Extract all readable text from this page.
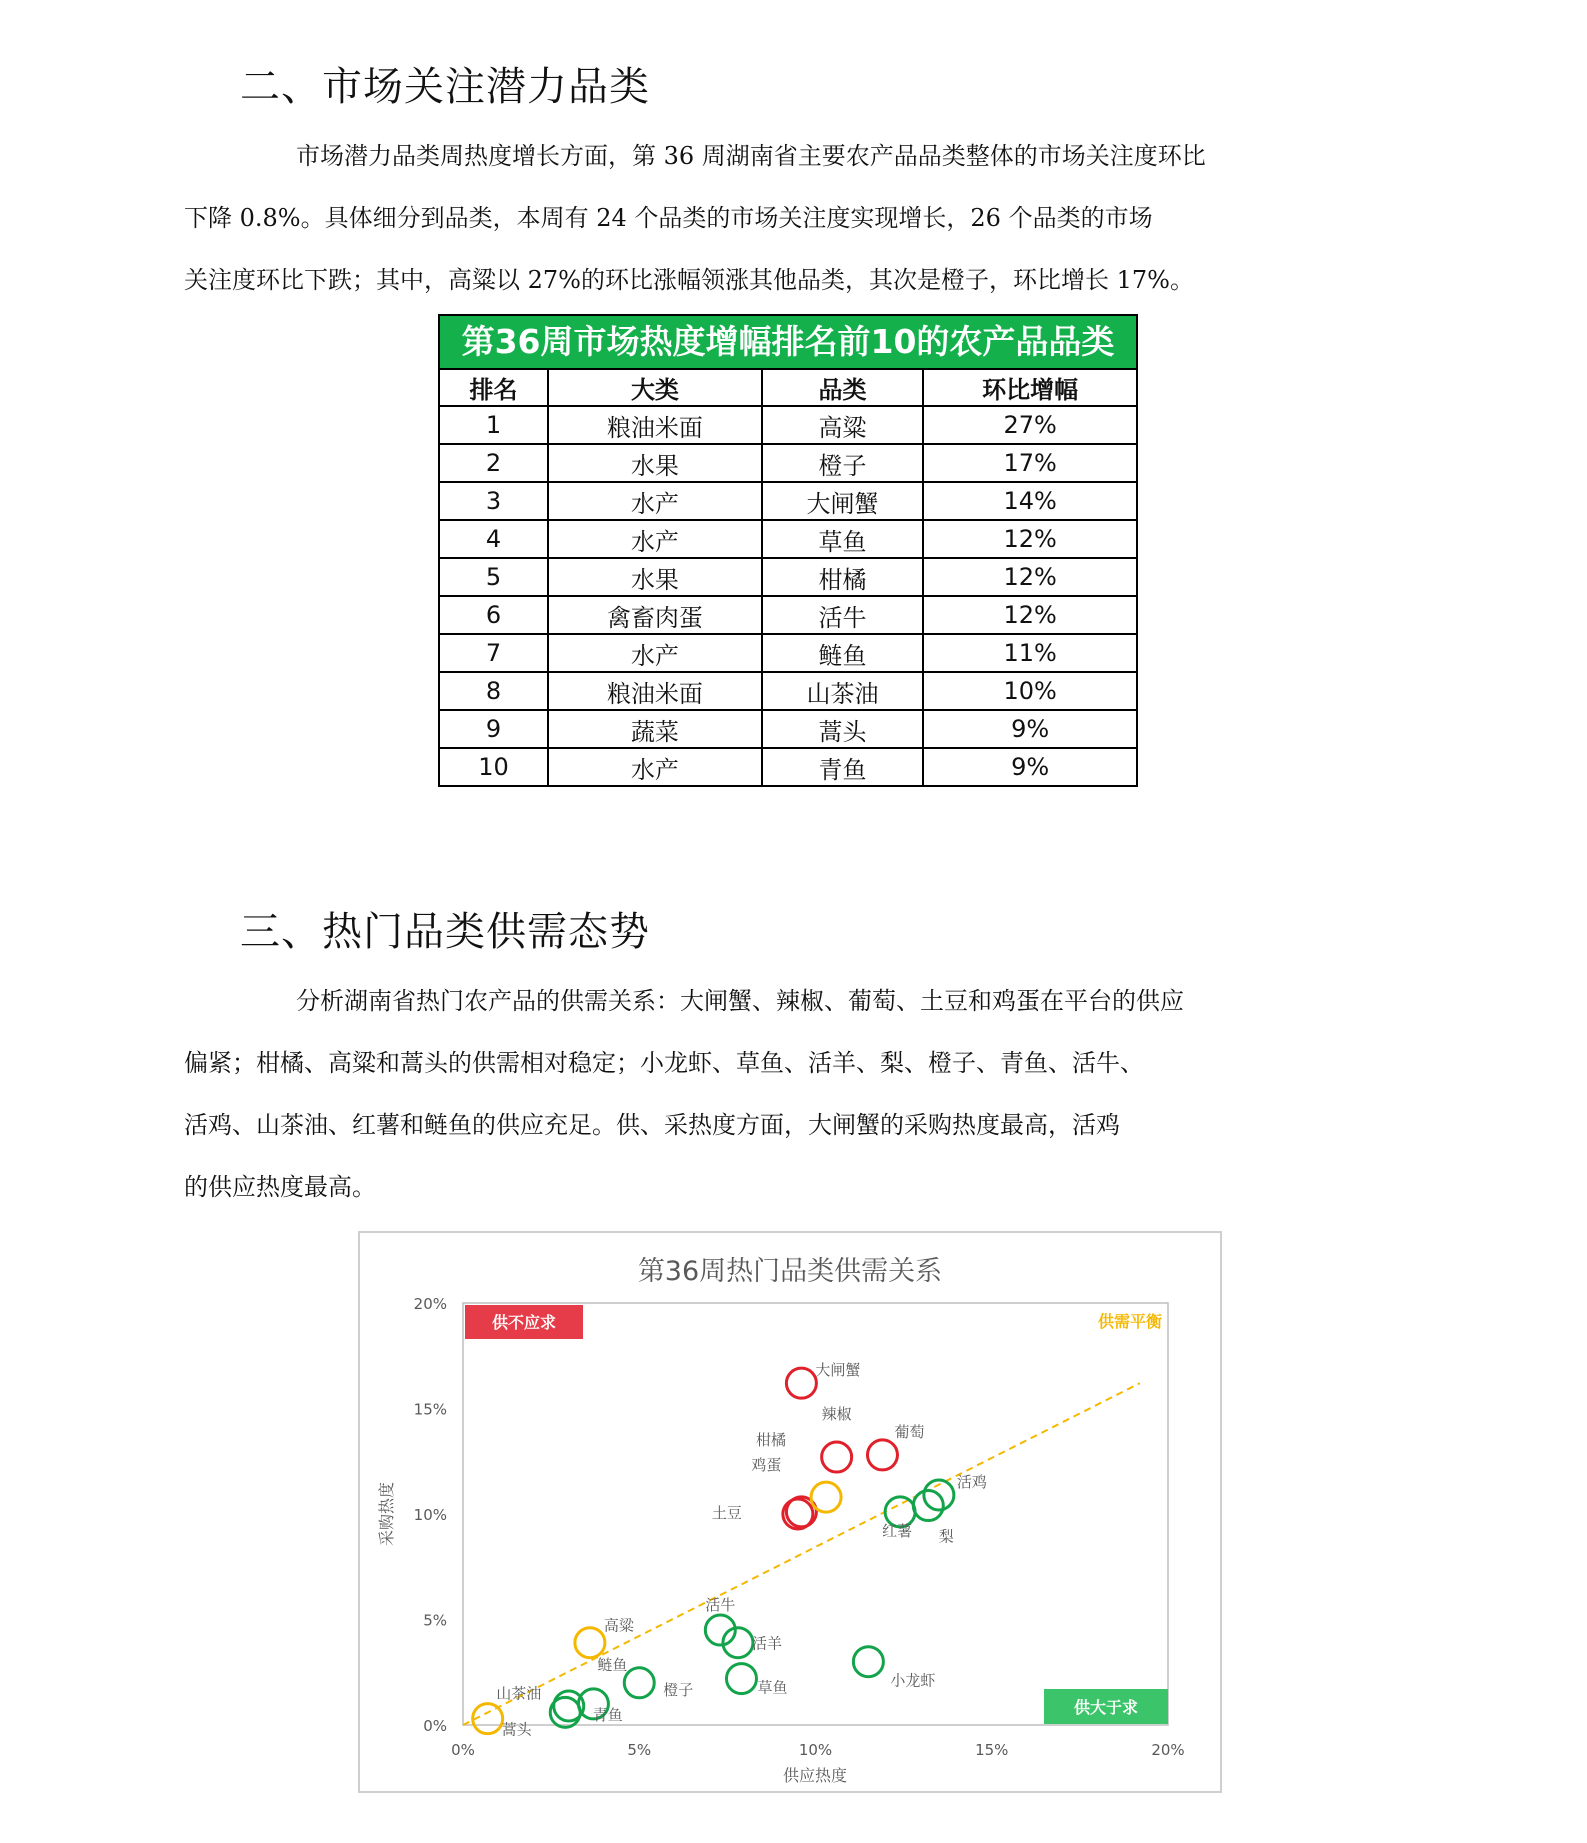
二、市场关注潜力品类

市场潜力品类周热度增长方面，第 36 周湖南省主要农产品品类整体的市场关注度环比
下降 0.8%。具体细分到品类，本周有 24 个品类的市场关注度实现增长，26 个品类的市场
关注度环比下跌；其中，高粱以 27%的环比涨幅领涨其他品类，其次是橙子，环比增长 17%。

第36周市场热度增幅排名前10的农产品品类
排名	大类	品类	环比增幅
1	粮油米面	高粱	27%
2	水果	橙子	17%
3	水产	大闸蟹	14%
4	水产	草鱼	12%
5	水果	柑橘	12%
6	禽畜肉蛋	活牛	12%
7	水产	鲢鱼	11%
8	粮油米面	山茶油	10%
9	蔬菜	蒿头	9%
10	水产	青鱼	9%
三、热门品类供需态势

分析湖南省热门农产品的供需关系：大闸蟹、辣椒、葡萄、土豆和鸡蛋在平台的供应
偏紧；柑橘、高粱和蒿头的供需相对稳定；小龙虾、草鱼、活羊、梨、橙子、青鱼、活牛、
活鸡、山茶油、红薯和鲢鱼的供应充足。供、采热度方面，大闸蟹的采购热度最高，活鸡
的供应热度最高。

第36周热门品类供需关系
0%	5%	10%	15%	20%
0%
5%
10%
15%
20%
供不应求	供需平衡
供大于求
供应热度
采购热度
大闸蟹
辣椒
葡萄
鸡蛋
土豆
柑橘
高粱
蒿头
活鸡
梨
红薯
活牛
活羊
草鱼	小龙虾
橙子
鲢鱼
青鱼
山茶油
